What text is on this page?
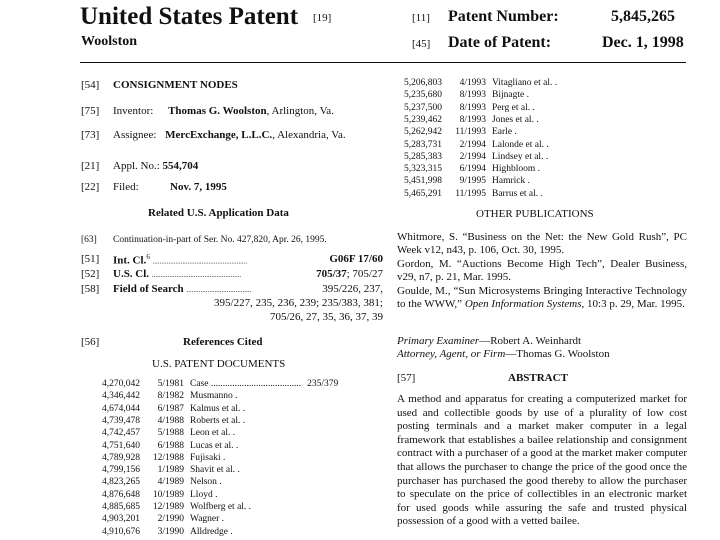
United States Patent [19]
Woolston
[11] Patent Number:	5,845,265
[45] Date of Patent:	Dec. 1, 1998
[54] CONSIGNMENT NODES
[75] Inventor: Thomas G. Woolston, Arlington, Va.
[73] Assignee: MercExchange, L.L.C., Alexandria, Va.
[21] Appl. No.: 554,704
[22] Filed:	Nov. 7, 1995
Related U.S. Application Data
[63] Continuation-in-part of Ser. No. 427,820, Apr. 26, 1995.
[51] Int. Cl.$^6$ ......................................................	G06F 17/60
[52] U.S. Cl. ...................................................	705/37; 705/27
[58] Field of Search .....................................	395/226, 237,
395/227, 235, 236, 239; 235/383, 381;
705/26, 27, 35, 36, 37, 39
[56]	References Cited
U.S. PATENT DOCUMENTS
4,270,042 5/1981 Case ...................................... 235/379
4,346,442 8/1982 Musmanno .
4,674,044 6/1987 Kalmus et al. .
4,739,478 4/1988 Roberts et al. .
4,742,457 5/1988 Leon et al. .
4,751,640 6/1988 Lucas et al. .
4,789,928 12/1988 Fujisaki .
4,799,156 1/1989 Shavit et al. .
4,823,265 4/1989 Nelson .
4,876,648 10/1989 Lloyd .
4,885,685 12/1989 Wolfberg et al. .
4,903,201 2/1990 Wagner .
4,910,676 3/1990 Alldredge .
5,206,803 4/1993 Vitagliano et al. .
5,235,680 8/1993 Bijnagte .
5,237,500 8/1993 Perg et al. .
5,239,462 8/1993 Jones et al. .
5,262,942 11/1993 Earle .
5,283,731 2/1994 Lalonde et al. .
5,285,383 2/1994 Lindsey et al. .
5,323,315 6/1994 Highbloom .
5,451,998 9/1995 Hamrick .
5,465,291 11/1995 Barrus et al. .
OTHER PUBLICATIONS
Whitmore, S. “Business on the Net: the New Gold Rush”, PC Week v12, n43, p. 106, Oct. 30, 1995.
Gordon, M. “Auctions Become High Tech”, Dealer Business, v29, n7, p. 21, Mar. 1995.
Goulde, M., “Sun Microsystems Bringing Interactive Technology to the WWW,” Open Information Systems, 10:3 p. 29, Mar. 1995.
Primary Examiner—Robert A. Weinhardt
Attorney, Agent, or Firm—Thomas G. Woolston
[57]	ABSTRACT
A method and apparatus for creating a computerized market for used and collectible goods by use of a plurality of low cost posting terminals and a market maker computer in a legal framework that establishes a bailee relationship and consignment contract with a purchaser of a good at the market maker computer that allows the purchaser to change the price of the good once the purchaser has purchased the good thereby to allow the purchaser to speculate on the price of collectibles in an electronic market for used goods while assuring the safe and trusted physical possession of a good with a vetted bailee.
